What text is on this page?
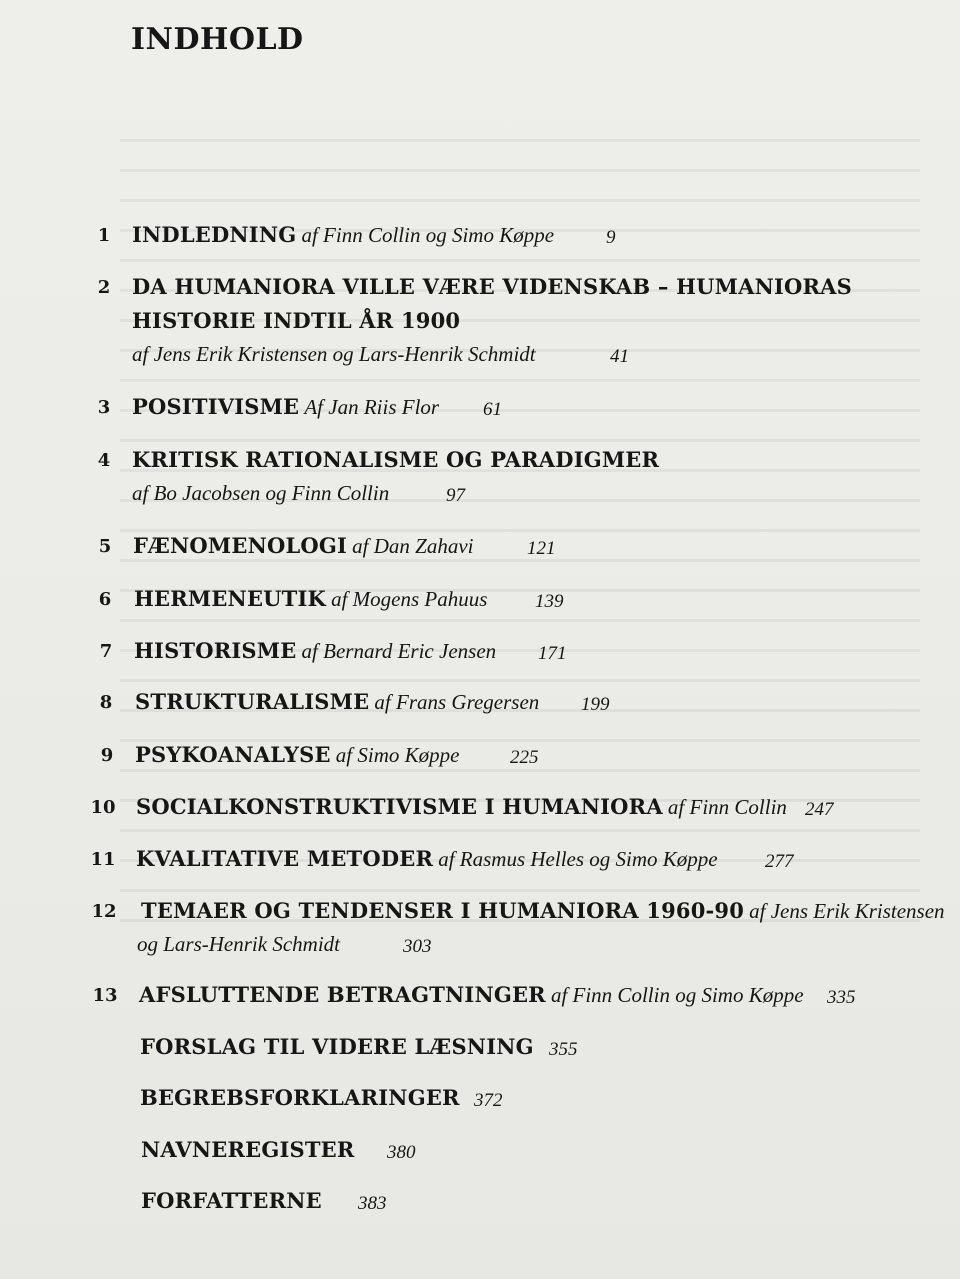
INDHOLD
1	INDLEDNING af Finn Collin og Simo Køppe	9
2	DA HUMANIORA VILLE VÆRE VIDENSKAB – HUMANIORAS
HISTORIE INDTIL ÅR 1900
af Jens Erik Kristensen og Lars-Henrik Schmidt	41
3	POSITIVISME Af Jan Riis Flor 61
4	KRITISK RATIONALISME OG PARADIGMER
af Bo Jacobsen og Finn Collin	97
5	FÆNOMENOLOGI af Dan Zahavi	121
6	HERMENEUTIK af Mogens Pahuus	139
7	HISTORISME af Bernard Eric Jensen 171
8	STRUKTURALISME af Frans Gregersen 199
9	PSYKOANALYSE af Simo Køppe	225
10 SOCIALKONSTRUKTIVISME I HUMANIORA af Finn Collin 247
11 KVALITATIVE METODER af Rasmus Helles og Simo Køppe 277
12	TEMAER OG TENDENSER I HUMANIORA 1960-90 af Jens Erik Kristensen
og Lars-Henrik Schmidt	303
13	AFSLUTTENDE BETRAGTNINGER af Finn Collin og Simo Køppe 335
FORSLAG TIL VIDERE LÆSNING 355
BEGREBSFORKLARINGER 372
NAVNEREGISTER 380
FORFATTERNE 383
